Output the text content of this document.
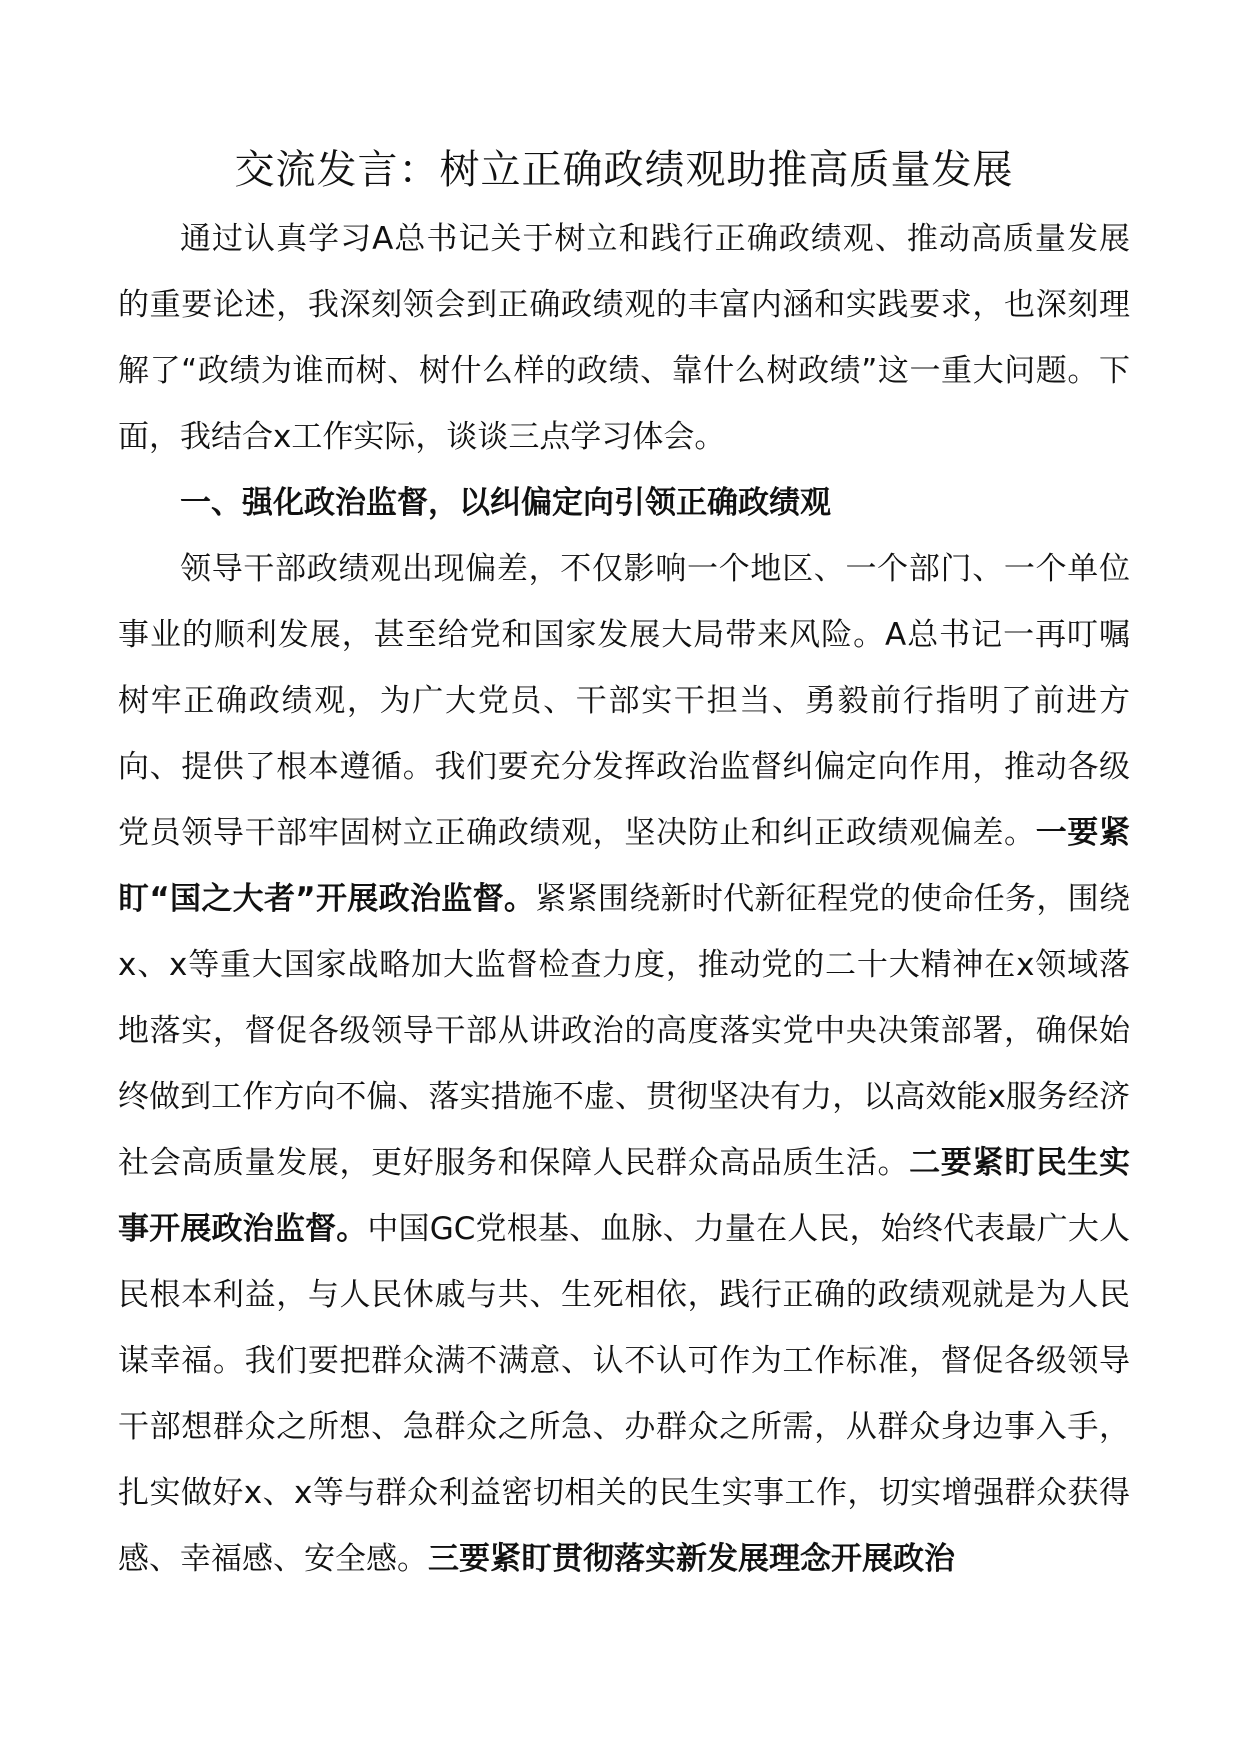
交流发言：树立正确政绩观助推高质量发展

通过认真学习A总书记关于树立和践行正确政绩观、推动高质量发展的重要论述，我深刻领会到正确政绩观的丰富内涵和实践要求，也深刻理解了“政绩为谁而树、树什么样的政绩、靠什么树政绩”这一重大问题。下面，我结合x工作实际，谈谈三点学习体会。

一、强化政治监督，以纠偏定向引领正确政绩观

领导干部政绩观出现偏差，不仅影响一个地区、一个部门、一个单位事业的顺利发展，甚至给党和国家发展大局带来风险。A总书记一再叮嘱树牢正确政绩观，为广大党员、干部实干担当、勇毅前行指明了前进方向、提供了根本遵循。我们要充分发挥政治监督纠偏定向作用，推动各级党员领导干部牢固树立正确政绩观，坚决防止和纠正政绩观偏差。一要紧盯“国之大者”开展政治监督。紧紧围绕新时代新征程党的使命任务，围绕x、x等重大国家战略加大监督检查力度，推动党的二十大精神在x领域落地落实，督促各级领导干部从讲政治的高度落实党中央决策部署，确保始终做到工作方向不偏、落实措施不虚、贯彻坚决有力，以高效能x服务经济社会高质量发展，更好服务和保障人民群众高品质生活。二要紧盯民生实事开展政治监督。中国GC党根基、血脉、力量在人民，始终代表最广大人民根本利益，与人民休戚与共、生死相依，践行正确的政绩观就是为人民谋幸福。我们要把群众满不满意、认不认可作为工作标准，督促各级领导干部想群众之所想、急群众之所急、办群众之所需，从群众身边事入手，扎实做好x、x等与群众利益密切相关的民生实事工作，切实增强群众获得感、幸福感、安全感。三要紧盯贯彻落实新发展理念开展政治
